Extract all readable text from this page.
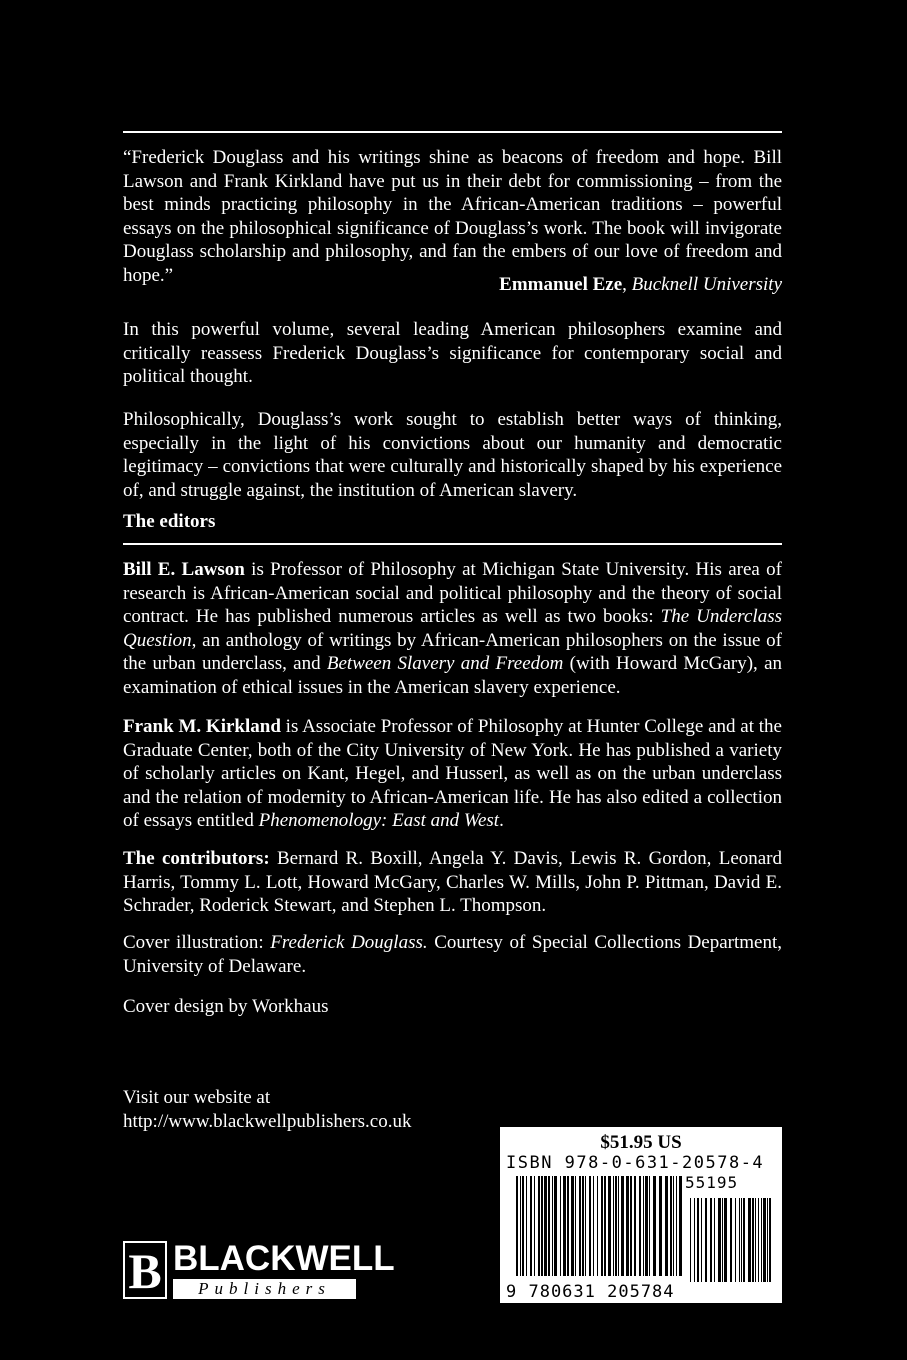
“Frederick Douglass and his writings shine as beacons of freedom and hope. Bill Lawson and Frank Kirkland have put us in their debt for commissioning – from the best minds practicing philosophy in the African-American traditions – powerful essays on the philosophical significance of Douglass’s work. The book will invigorate Douglass scholarship and philosophy, and fan the embers of our love of freedom and hope.”	Emmanuel Eze, Bucknell University

In this powerful volume, several leading American philosophers examine and critically reassess Frederick Douglass’s significance for contemporary social and political thought.

Philosophically, Douglass’s work sought to establish better ways of thinking, especially in the light of his convictions about our humanity and democratic legitimacy – convictions that were culturally and historically shaped by his experience of, and struggle against, the institution of American slavery.

The editors

Bill E. Lawson is Professor of Philosophy at Michigan State University. His area of research is African-American social and political philosophy and the theory of social contract. He has published numerous articles as well as two books: The Underclass Question, an anthology of writings by African-American philosophers on the issue of the urban underclass, and Between Slavery and Freedom (with Howard McGary), an examination of ethical issues in the American slavery experience.

Frank M. Kirkland is Associate Professor of Philosophy at Hunter College and at the Graduate Center, both of the City University of New York. He has published a variety of scholarly articles on Kant, Hegel, and Husserl, as well as on the urban underclass and the relation of modernity to African-American life. He has also edited a collection of essays entitled Phenomenology: East and West.

The contributors: Bernard R. Boxill, Angela Y. Davis, Lewis R. Gordon, Leonard Harris, Tommy L. Lott, Howard McGary, Charles W. Mills, John P. Pittman, David E. Schrader, Roderick Stewart, and Stephen L. Thompson.

Cover illustration: Frederick Douglass. Courtesy of Special Collections Department, University of Delaware.

Cover design by Workhaus

Visit our website at
http://www.blackwellpublishers.co.uk
$51.95 US
ISBN 978-0-631-20578-4
55195
9 780631 205784
B BLACKWELL
Publishers
